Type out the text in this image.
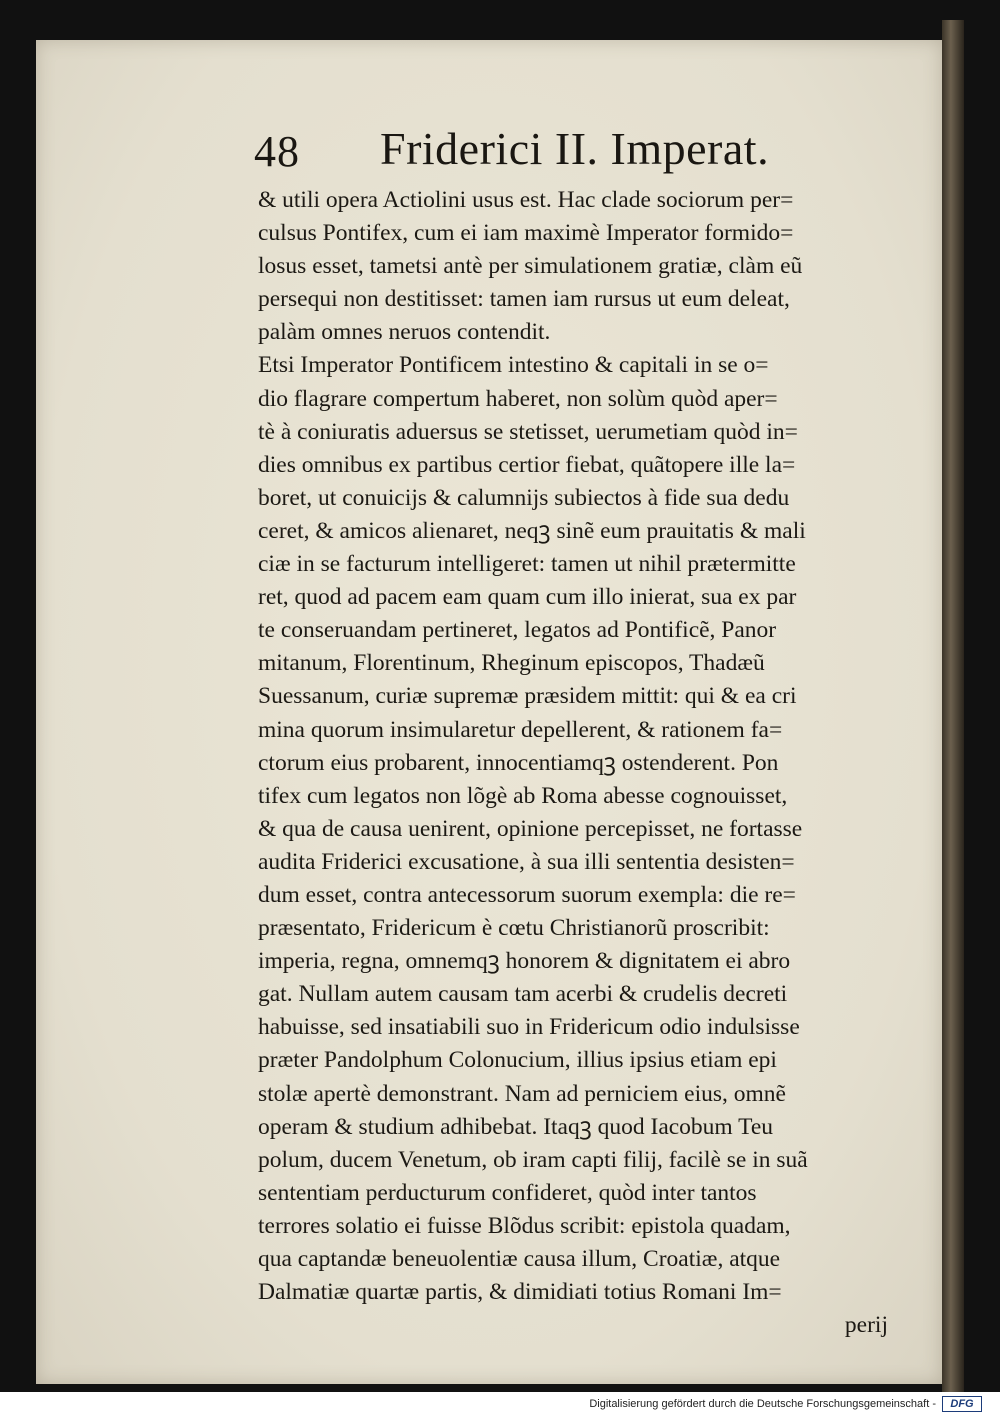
48 Friderici II. Imperat.
& utili opera Actiolini usus est. Hac clade sociorum per=
culsus Pontifex, cum ei iam maximè Imperator formido=
losus esset, tametsi antè per simulationem gratiæ, clàm eũ
persequi non destitisset: tamen iam rursus ut eum deleat,
palàm omnes neruos contendit.
Etsi Imperator Pontificem intestino & capitali in se o=
dio flagrare compertum haberet, non solùm quòd aper=
tè à coniuratis aduersus se stetisset, uerumetiam quòd in=
dies omnibus ex partibus certior fiebat, quãtopere ille la=
boret, ut conuicijs & calumnijs subiectos à fide sua dedu
ceret, & amicos alienaret, neqꝫ sinẽ eum prauitatis & mali
ciæ in se facturum intelligeret: tamen ut nihil prætermitte
ret, quod ad pacem eam quam cum illo inierat, sua ex par
te conseruandam pertineret, legatos ad Pontificẽ, Panor
mitanum, Florentinum, Rheginum episcopos, Thadæũ
Suessanum, curiæ supremæ præsidem mittit: qui & ea cri
mina quorum insimularetur depellerent, & rationem fa=
ctorum eius probarent, innocentiamqꝫ ostenderent. Pon
tifex cum legatos non lõgè ab Roma abesse cognouisset,
& qua de causa uenirent, opinione percepisset, ne fortasse
audita Friderici excusatione, à sua illi sententia desisten=
dum esset, contra antecessorum suorum exempla: die re=
præsentato, Fridericum è cœtu Christianorũ proscribit:
imperia, regna, omnemqꝫ honorem & dignitatem ei abro
gat. Nullam autem causam tam acerbi & crudelis decreti
habuisse, sed insatiabili suo in Fridericum odio indulsisse
præter Pandolphum Colonucium, illius ipsius etiam epi
stolæ apertè demonstrant. Nam ad perniciem eius, omnẽ
operam & studium adhibebat. Itaqꝫ quod Iacobum Teu
polum, ducem Venetum, ob iram capti filij, facilè se in suã
sententiam perducturum confideret, quòd inter tantos
terrores solatio ei fuisse Blõdus scribit: epistola quadam,
qua captandæ beneuolentiæ causa illum, Croatiæ, atque
Dalmatiæ quartæ partis, & dimidiati totius Romani Im=
perij
Digitalisierung gefördert durch die Deutsche Forschungsgemeinschaft -	DFG
